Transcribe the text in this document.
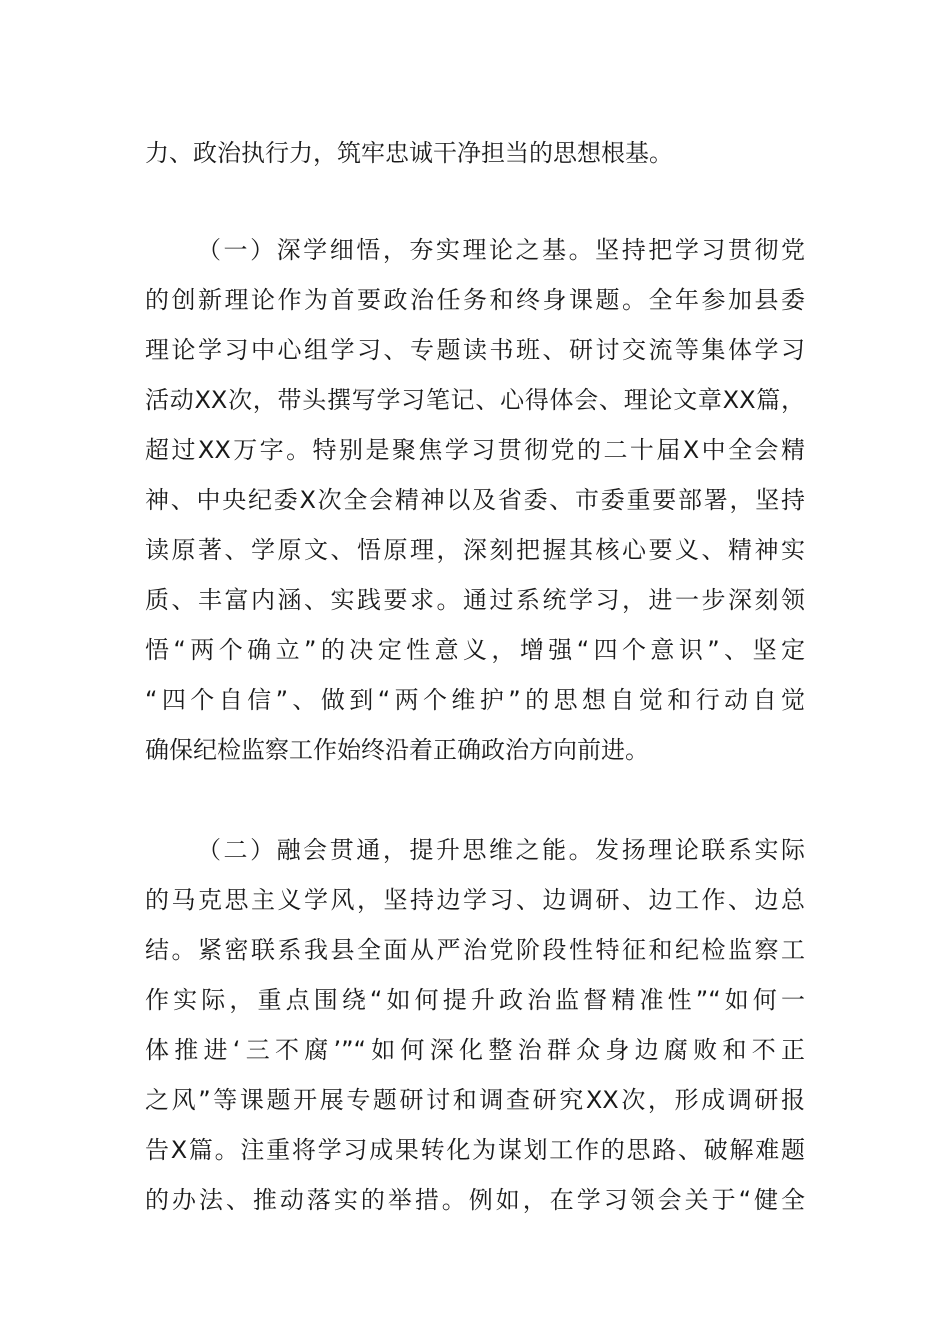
力、政治执行力，筑牢忠诚干净担当的思想根基。
（一）深学细悟，夯实理论之基。坚持把学习贯彻党
的创新理论作为首要政治任务和终身课题。全年参加县委
理论学习中心组学习、专题读书班、研讨交流等集体学习
活动XX次，带头撰写学习笔记、心得体会、理论文章XX篇，
超过XX万字。特别是聚焦学习贯彻党的二十届X中全会精
神、中央纪委X次全会精神以及省委、市委重要部署，坚持
读原著、学原文、悟原理，深刻把握其核心要义、精神实
质、丰富内涵、实践要求。通过系统学习，进一步深刻领
悟“两个确立”的决定性意义，增强“四个意识”、坚定
“四个自信”、做到“两个维护”的思想自觉和行动自觉
确保纪检监察工作始终沿着正确政治方向前进。
（二）融会贯通，提升思维之能。发扬理论联系实际
的马克思主义学风，坚持边学习、边调研、边工作、边总
结。紧密联系我县全面从严治党阶段性特征和纪检监察工
作实际，重点围绕“如何提升政治监督精准性”“如何一
体推进‘三不腐’”“如何深化整治群众身边腐败和不正
之风”等课题开展专题研讨和调查研究XX次，形成调研报
告X篇。注重将学习成果转化为谋划工作的思路、破解难题
的办法、推动落实的举措。例如，在学习领会关于“健全
